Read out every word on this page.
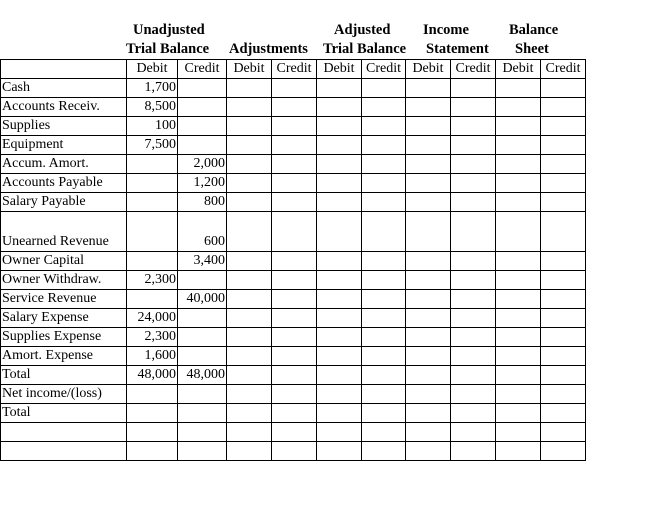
Unadjusted
Trial Balance Adjustments
Adjusted
Trial Balance
Income
Statement
Balance
Sheet
	Debit	Credit	Debit	Credit	Debit	Credit	Debit	Credit	Debit	Credit
Cash	1,700									
Accounts Receiv.	8,500									
Supplies	100									
Equipment	7,500									
Accum. Amort.		2,000								
Accounts Payable		1,200								
Salary Payable		800								
Unearned Revenue		600								
Owner Capital		3,400								
Owner Withdraw.	2,300									
Service Revenue		40,000								
Salary Expense	24,000									
Supplies Expense	2,300									
Amort. Expense	1,600									
Total	48,000	48,000								
Net income/(loss)										
Total										
